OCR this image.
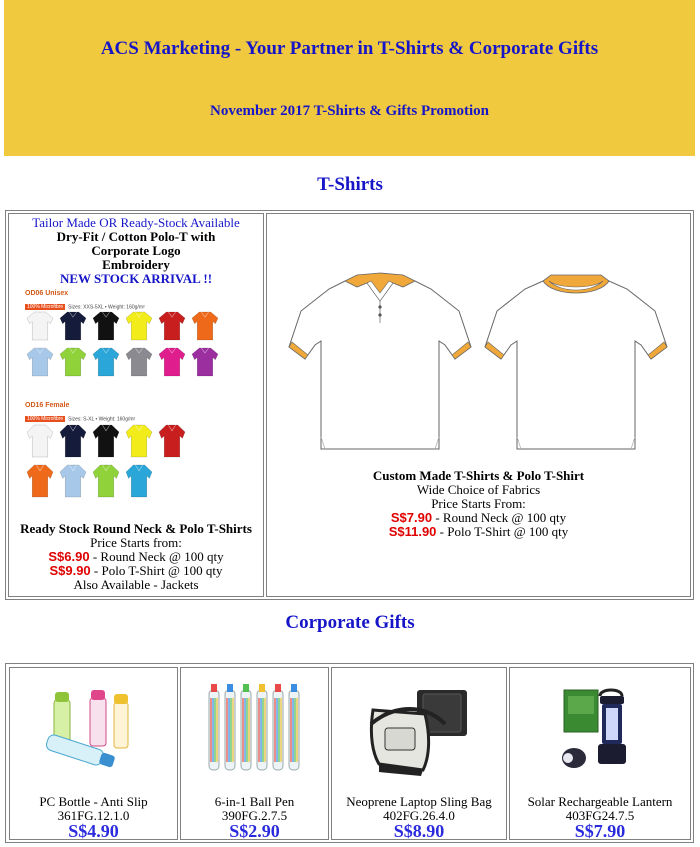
ACS Marketing - Your Partner in T-Shirts & Corporate Gifts
November 2017 T-Shirts & Gifts Promotion
T-Shirts
Tailor Made OR Ready-Stock Available
Dry-Fit / Cotton Polo-T with
Corporate Logo
Embroidery
NEW STOCK ARRIVAL !!
OD06 Unisex
100% Microfibre Sizes: XXS-5XL • Weight: 160g/m²
OD16 Female
100% Microfibre Sizes: S-XL • Weight: 160g/m²
Ready Stock Round Neck & Polo T-Shirts
Price Starts from:
S$6.90 - Round Neck @ 100 qty
S$9.90 - Polo T-Shirt @ 100 qty
Also Available - Jackets
Custom Made T-Shirts & Polo T-Shirt
Wide Choice of Fabrics
Price Starts From:
S$7.90 - Round Neck @ 100 qty
S$11.90 - Polo T-Shirt @ 100 qty
Corporate Gifts
PC Bottle - Anti Slip
361FG.12.1.0
S$4.90
6-in-1 Ball Pen
390FG.2.7.5
S$2.90
Neoprene Laptop Sling Bag
402FG.26.4.0
S$8.90
Solar Rechargeable Lantern
403FG24.7.5
S$7.90
